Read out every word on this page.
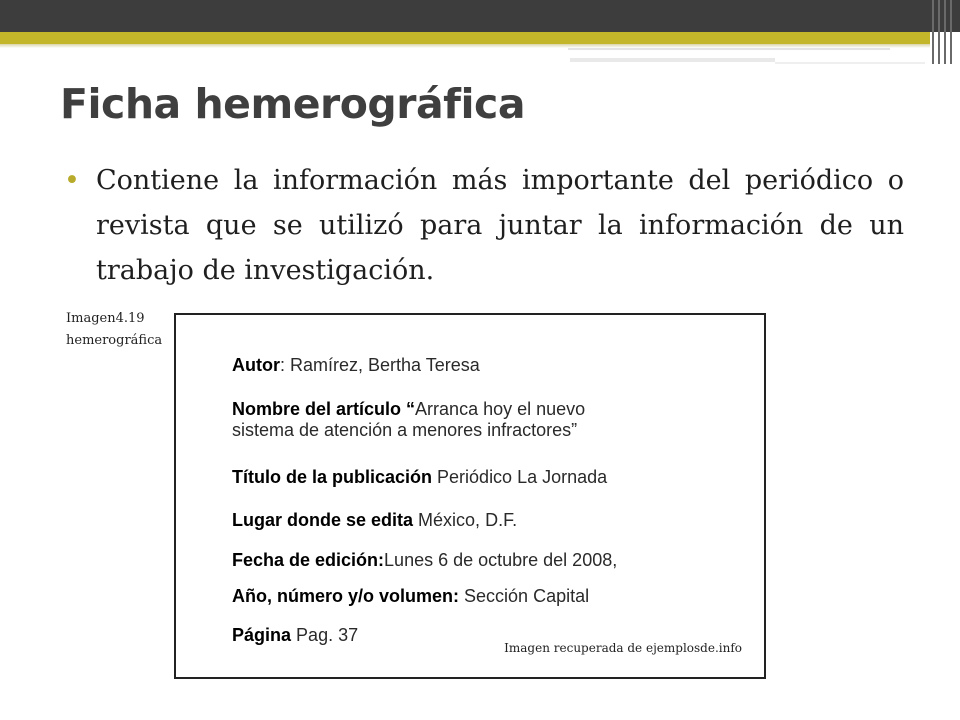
Ficha hemerográfica
• Contiene la información más importante del periódico o revista que se utilizó para juntar la información de un trabajo de investigación.
Imagen4.19
hemerográfica
Autor: Ramírez, Bertha Teresa
Nombre del artículo “Arranca hoy el nuevo
sistema de atención a menores infractores”
Título de la publicación Periódico La Jornada
Lugar donde se edita México, D.F.
Fecha de edición:Lunes 6 de octubre del 2008,
Año, número y/o volumen: Sección Capital
Página Pag. 37
Imagen recuperada de ejemplosde.info
